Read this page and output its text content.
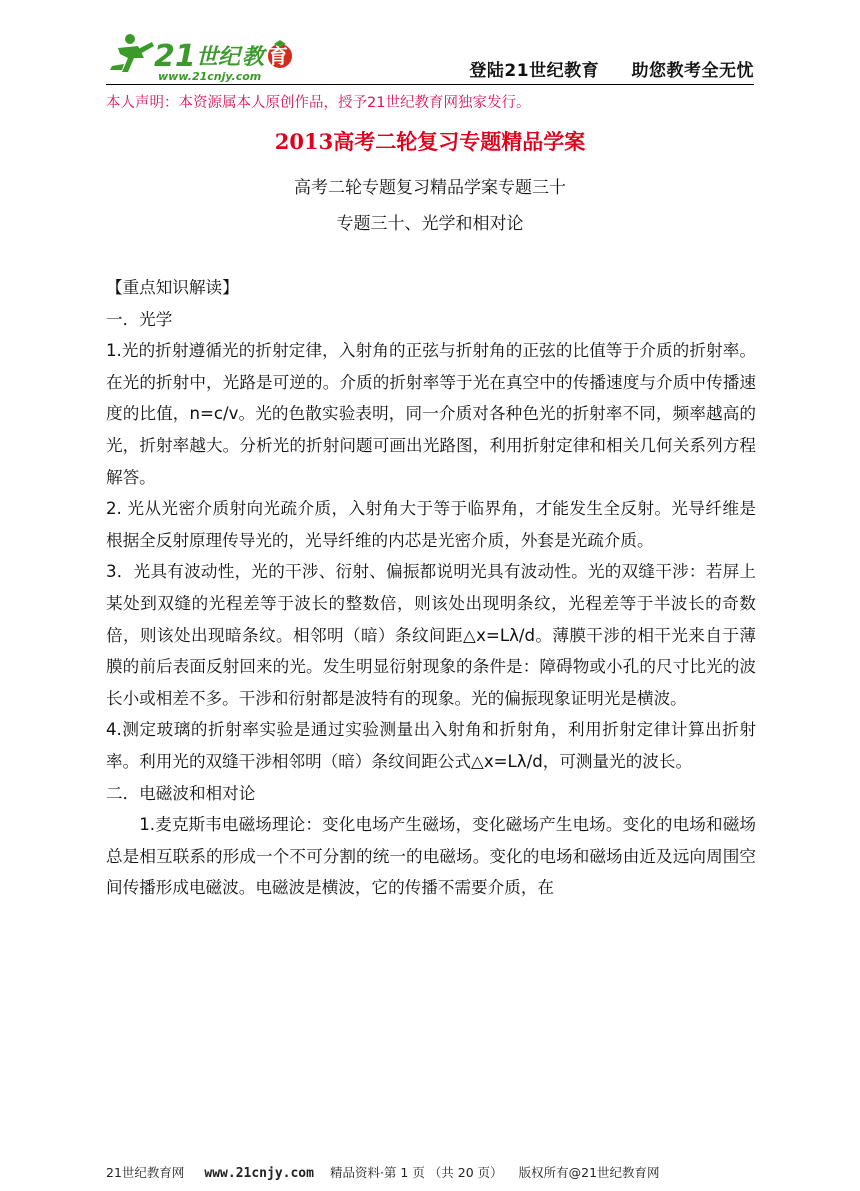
21 世纪 教 育
www.21cnjy.com	登陆21世纪教育 助您教考全无忧
本人声明：本资源属本人原创作品，授予21世纪教育网独家发行。
2013高考二轮复习专题精品学案
高考二轮专题复习精品学案专题三十
专题三十、光学和相对论

【重点知识解读】

一．光学

1.光的折射遵循光的折射定律，入射角的正弦与折射角的正弦的比值等于介质的折射率。在光的折射中，光路是可逆的。介质的折射率等于光在真空中的传播速度与介质中传播速度的比值，n=c/v。光的色散实验表明，同一介质对各种色光的折射率不同，频率越高的光，折射率越大。分析光的折射问题可画出光路图，利用折射定律和相关几何关系列方程解答。

2. 光从光密介质射向光疏介质，入射角大于等于临界角，才能发生全反射。光导纤维是根据全反射原理传导光的，光导纤维的内芯是光密介质，外套是光疏介质。

3．光具有波动性，光的干涉、衍射、偏振都说明光具有波动性。光的双缝干涉：若屏上某处到双缝的光程差等于波长的整数倍，则该处出现明条纹，光程差等于半波长的奇数倍，则该处出现暗条纹。相邻明（暗）条纹间距△x=Lλ/d。薄膜干涉的相干光来自于薄膜的前后表面反射回来的光。发生明显衍射现象的条件是：障碍物或小孔的尺寸比光的波长小或相差不多。干涉和衍射都是波特有的现象。光的偏振现象证明光是横波。

4.测定玻璃的折射率实验是通过实验测量出入射角和折射角，利用折射定律计算出折射率。利用光的双缝干涉相邻明（暗）条纹间距公式△x=Lλ/d，可测量光的波长。

二．电磁波和相对论

1.麦克斯韦电磁场理论：变化电场产生磁场，变化磁场产生电场。变化的电场和磁场总是相互联系的形成一个不可分割的统一的电磁场。变化的电场和磁场由近及远向周围空间传播形成电磁波。电磁波是横波，它的传播不需要介质，在

21世纪教育网 www.21cnjy.com 精品资料·第 1 页 （共 20 页） 版权所有@21世纪教育网
